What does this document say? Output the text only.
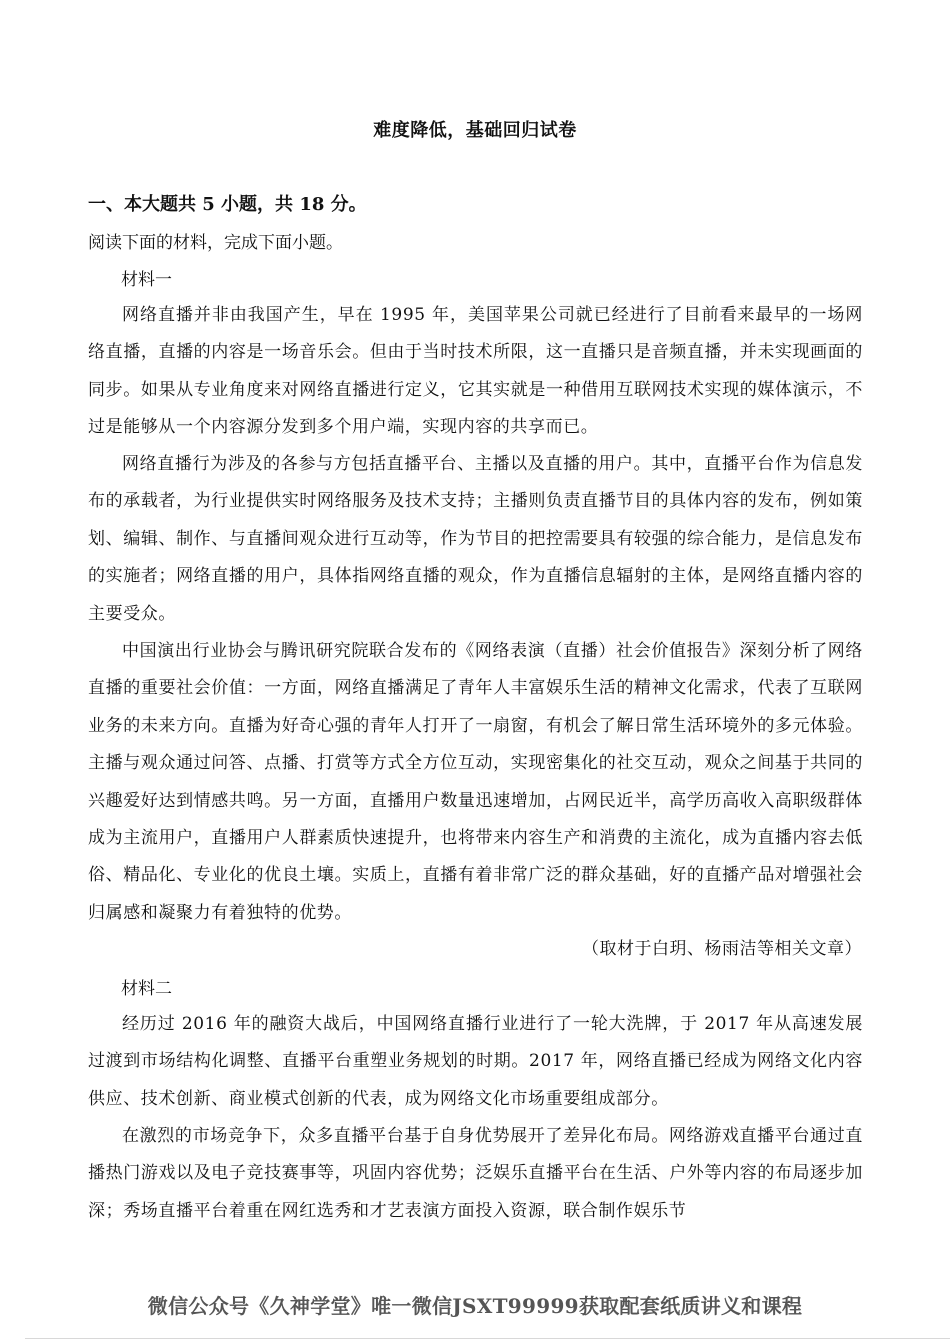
难度降低，基础回归试卷
一、本大题共 5 小题，共 18 分。
阅读下面的材料，完成下面小题。
材料一

网络直播并非由我国产生，早在 1995 年，美国苹果公司就已经进行了目前看来最早的一场网络直播，直播的内容是一场音乐会。但由于当时技术所限，这一直播只是音频直播，并未实现画面的同步。如果从专业角度来对网络直播进行定义，它其实就是一种借用互联网技术实现的媒体演示，不过是能够从一个内容源分发到多个用户端，实现内容的共享而已。

网络直播行为涉及的各参与方包括直播平台、主播以及直播的用户。其中，直播平台作为信息发布的承载者，为行业提供实时网络服务及技术支持；主播则负责直播节目的具体内容的发布，例如策划、编辑、制作、与直播间观众进行互动等，作为节目的把控需要具有较强的综合能力，是信息发布的实施者；网络直播的用户，具体指网络直播的观众，作为直播信息辐射的主体，是网络直播内容的主要受众。

中国演出行业协会与腾讯研究院联合发布的《网络表演（直播）社会价值报告》深刻分析了网络直播的重要社会价值：一方面，网络直播满足了青年人丰富娱乐生活的精神文化需求，代表了互联网业务的未来方向。直播为好奇心强的青年人打开了一扇窗，有机会了解日常生活环境外的多元体验。主播与观众通过问答、点播、打赏等方式全方位互动，实现密集化的社交互动，观众之间基于共同的兴趣爱好达到情感共鸣。另一方面，直播用户数量迅速增加，占网民近半，高学历高收入高职级群体成为主流用户，直播用户人群素质快速提升，也将带来内容生产和消费的主流化，成为直播内容去低俗、精品化、专业化的优良土壤。实质上，直播有着非常广泛的群众基础，好的直播产品对增强社会归属感和凝聚力有着独特的优势。

（取材于白玥、杨雨洁等相关文章）
材料二

经历过 2016 年的融资大战后，中国网络直播行业进行了一轮大洗牌，于 2017 年从高速发展过渡到市场结构化调整、直播平台重塑业务规划的时期。2017 年，网络直播已经成为网络文化内容供应、技术创新、商业模式创新的代表，成为网络文化市场重要组成部分。

在激烈的市场竞争下，众多直播平台基于自身优势展开了差异化布局。网络游戏直播平台通过直播热门游戏以及电子竞技赛事等，巩固内容优势；泛娱乐直播平台在生活、户外等内容的布局逐步加深；秀场直播平台着重在网红选秀和才艺表演方面投入资源，联合制作娱乐节

微信公众号《久神学堂》唯一微信JSXT99999获取配套纸质讲义和课程
